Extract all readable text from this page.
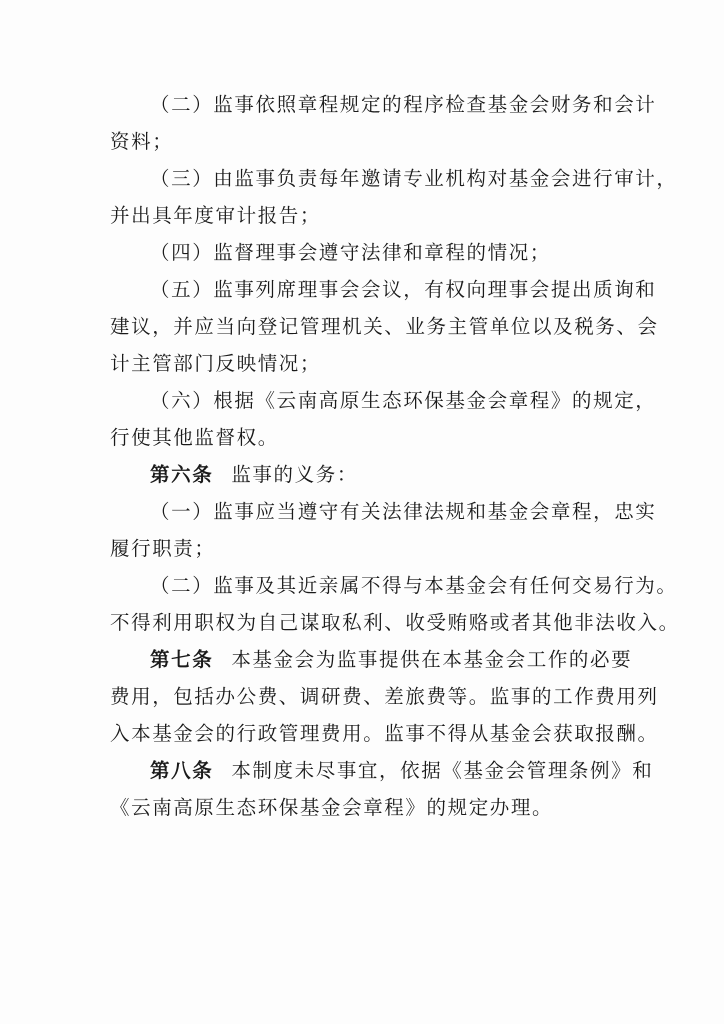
（二）监事依照章程规定的程序检查基金会财务和会计
资料；

（三）由监事负责每年邀请专业机构对基金会进行审计，
并出具年度审计报告；

（四）监督理事会遵守法律和章程的情况；

（五）监事列席理事会会议，有权向理事会提出质询和
建议，并应当向登记管理机关、业务主管单位以及税务、会
计主管部门反映情况；

（六）根据《云南高原生态环保基金会章程》的规定，
行使其他监督权。

第六条 监事的义务：

（一）监事应当遵守有关法律法规和基金会章程，忠实
履行职责；

（二）监事及其近亲属不得与本基金会有任何交易行为。
不得利用职权为自己谋取私利、收受贿赂或者其他非法收入。

第七条 本基金会为监事提供在本基金会工作的必要
费用，包括办公费、调研费、差旅费等。监事的工作费用列
入本基金会的行政管理费用。监事不得从基金会获取报酬。

第八条 本制度未尽事宜，依据《基金会管理条例》和
《云南高原生态环保基金会章程》的规定办理。
